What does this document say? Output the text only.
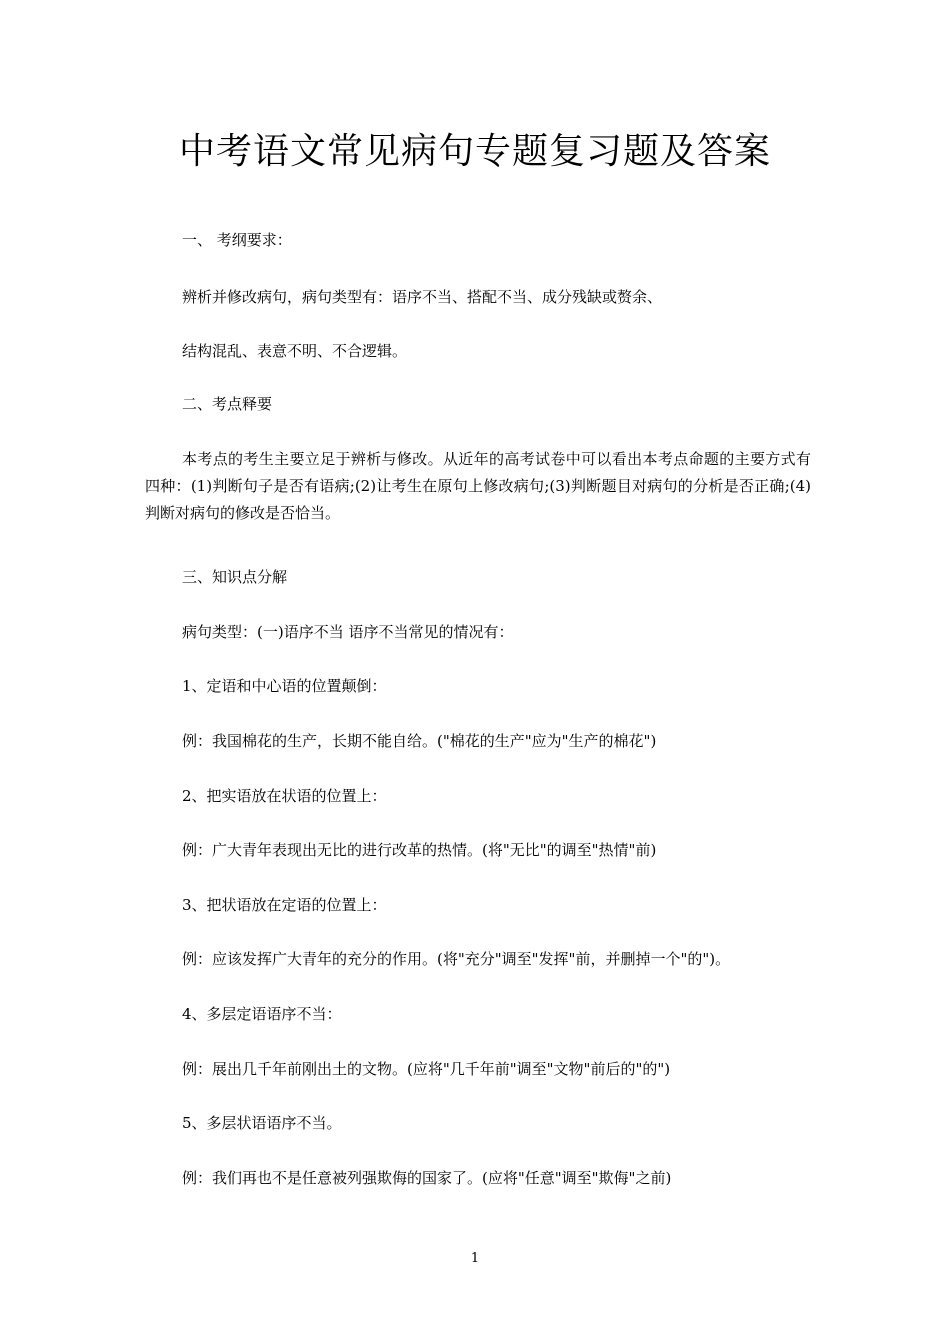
中考语文常见病句专题复习题及答案
一、 考纲要求：
辨析并修改病句，病句类型有：语序不当、搭配不当、成分残缺或赘余、
结构混乱、表意不明、不合逻辑。
二、考点释要
本考点的考生主要立足于辨析与修改。从近年的高考试卷中可以看出本考点命题的主要方式有四种：(1)判断句子是否有语病;(2)让考生在原句上修改病句;(3)判断题目对病句的分析是否正确;(4)判断对病句的修改是否恰当。
三、知识点分解
病句类型：(一)语序不当 语序不当常见的情况有：
1、定语和中心语的位置颠倒：
例：我国棉花的生产，长期不能自给。("棉花的生产"应为"生产的棉花")
2、把实语放在状语的位置上：
例：广大青年表现出无比的进行改革的热情。(将"无比"的调至"热情"前)
3、把状语放在定语的位置上：
例：应该发挥广大青年的充分的作用。(将"充分"调至"发挥"前，并删掉一个"的")。
4、多层定语语序不当：
例：展出几千年前刚出土的文物。(应将"几千年前"调至"文物"前后的"的")
5、多层状语语序不当。
例：我们再也不是任意被列强欺侮的国家了。(应将"任意"调至"欺侮"之前)
1
